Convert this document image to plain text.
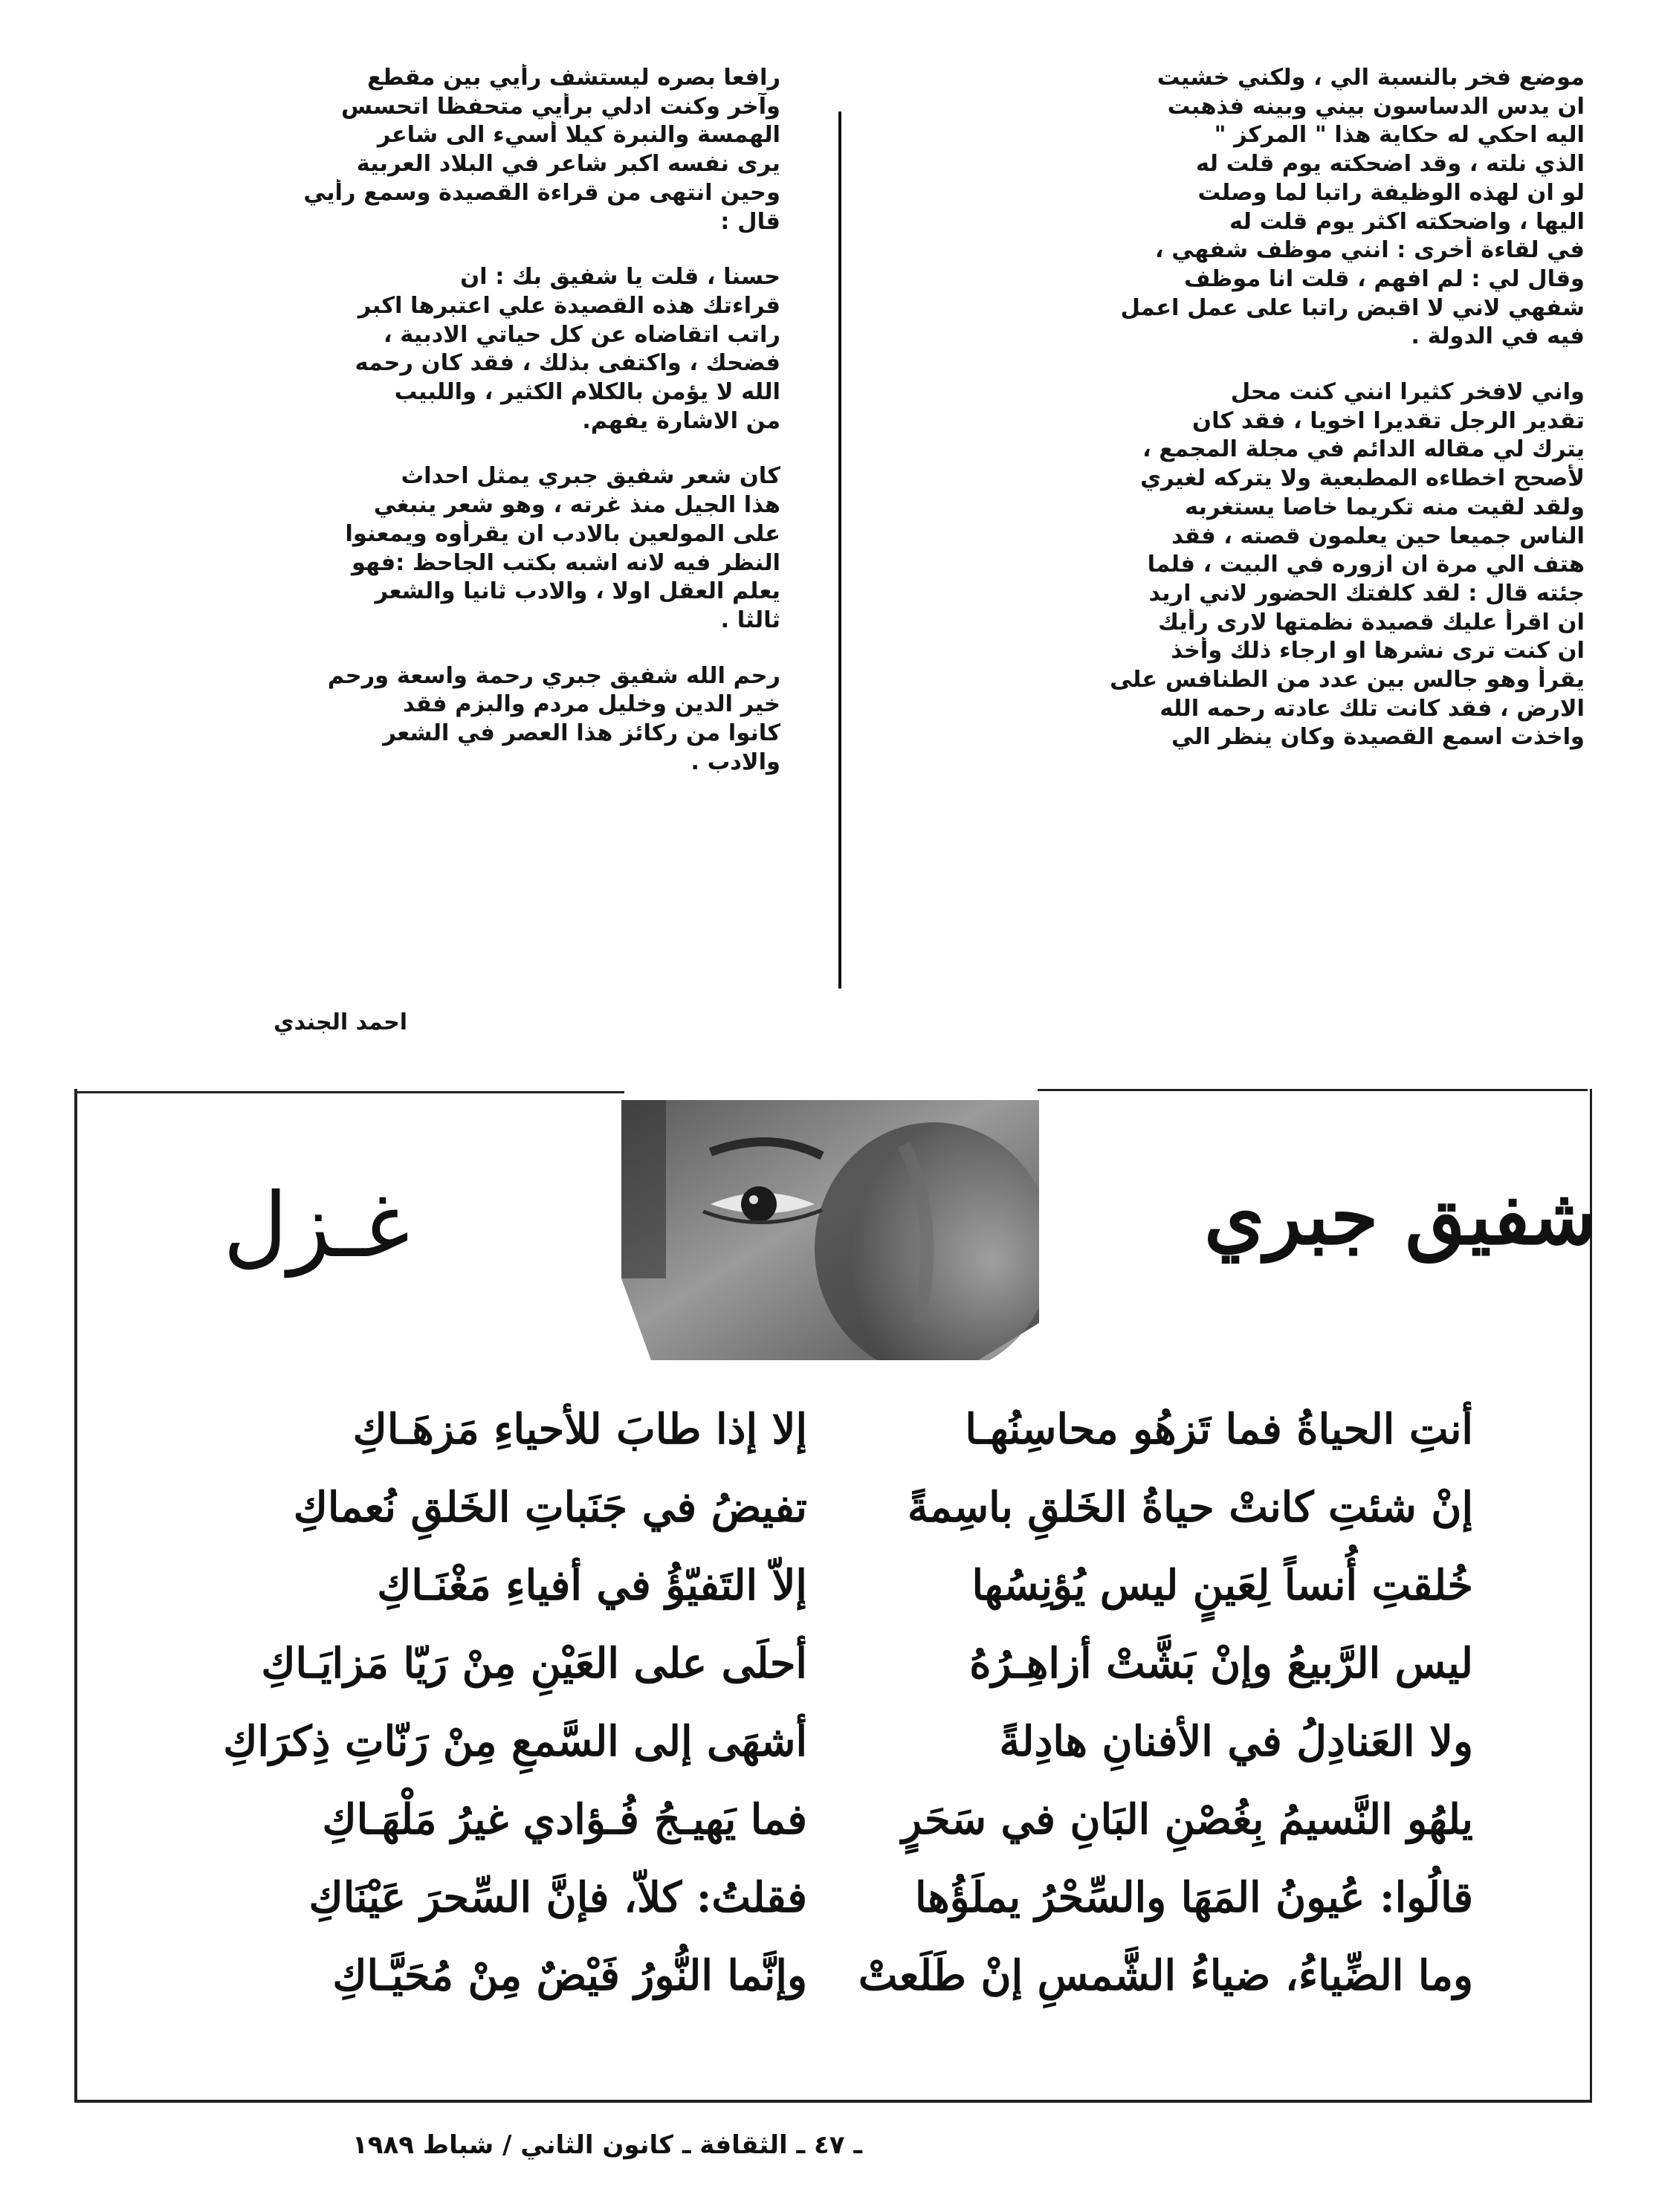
موضع فخر بالنسبة الي ، ولكني خشيت
ان يدس الدساسون بيني وبينه فذهبت
اليه احكي له حكاية هذا " المركز "
الذي نلته ، وقد اضحكته يوم قلت له
لو ان لهذه الوظيفة راتبا لما وصلت
اليها ، واضحكته اكثر يوم قلت له
في لقاءة أخرى : انني موظف شفهي ،
وقال لي : لم افهم ، قلت انا موظف
شفهي لاني لا اقبض راتبا على عمل اعمل
فيه في الدولة .
واني لافخر كثيرا انني كنت محل
تقدير الرجل تقديرا اخويا ، فقد كان
يترك لي مقاله الدائم في مجلة المجمع ،
لأصحح اخطاءه المطبعية ولا يتركه لغيري
ولقد لقيت منه تكريما خاصا يستغربه
الناس جميعا حين يعلمون قصته ، فقد
هتف الي مرة ان ازوره في البيت ، فلما
جئته قال : لقد كلفتك الحضور لاني اريد
ان اقرأ عليك قصيدة نظمتها لارى رأيك
ان كنت ترى نشرها او ارجاء ذلك وأخذ
يقرأ وهو جالس بين عدد من الطنافس على
الارض ، فقد كانت تلك عادته رحمه الله
واخذت اسمع القصيدة وكان ينظر الي
رافعا بصره ليستشف رأيي بين مقطع
وآخر وكنت ادلي برأيي متحفظا اتحسس
الهمسة والنبرة كيلا أسيء الى شاعر
يرى نفسه اكبر شاعر في البلاد العربية
وحين انتهى من قراءة القصيدة وسمع رأيي
قال :
حسنا ، قلت يا شفيق بك : ان
قراءتك هذه القصيدة علي اعتبرها اكبر
راتب اتقاضاه عن كل حياتي الادبية ،
فضحك ، واكتفى بذلك ، فقد كان رحمه
الله لا يؤمن بالكلام الكثير ، واللبيب
من الاشارة يفهم.
كان شعر شفيق جبري يمثل احداث
هذا الجيل منذ غرته ، وهو شعر ينبغي
على المولعين بالادب ان يقرأوه ويمعنوا
النظر فيه لانه اشبه بكتب الجاحظ :فهو
يعلم العقل اولا ، والادب ثانيا والشعر
ثالثا .
رحم الله شفيق جبري رحمة واسعة ورحم
خير الدين وخليل مردم والبزم فقد
كانوا من ركائز هذا العصر في الشعر
والادب .
احمد الجندي
غـزل	شفيق جبري
أنتِ الحياةُ فما تَزهُو محاسِنُهـا
إنْ شئتِ كانتْ حياةُ الخَلقِ باسِمةً
خُلقتِ أُنساً لِعَينٍ ليس يُؤنِسُها
ليس الرَّبيعُ وإنْ بَشَّتْ أزاهِـرُهُ
ولا العَنادِلُ في الأفنانِ هادِلةً
يلهُو النَّسيمُ بِغُصْنِ البَانِ في سَحَرٍ
قالُوا: عُيونُ المَهَا والسِّحْرُ يملَؤُها
وما الضِّياءُ، ضياءُ الشَّمسِ إنْ طَلَعتْ
إلا إذا طابَ للأحياءِ مَزهَـاكِ
تفيضُ في جَنَباتِ الخَلقِ نُعماكِ
إلاّ التَفيّؤُ في أفياءِ مَغْنَـاكِ
أحلَى على العَيْنِ مِنْ رَيّا مَزايَـاكِ
أشهَى إلى السَّمعِ مِنْ رَنّاتِ ذِكرَاكِ
فما يَهيـجُ فُـؤادي غيرُ مَلْهَـاكِ
فقلتُ: كلاّ، فإنَّ السِّحرَ عَيْنَاكِ
وإنَّما النُّورُ فَيْضٌ مِنْ مُحَيَّـاكِ
ـ ٤٧ ـ الثقافة ـ كانون الثاني / شباط ١٩٨٩
